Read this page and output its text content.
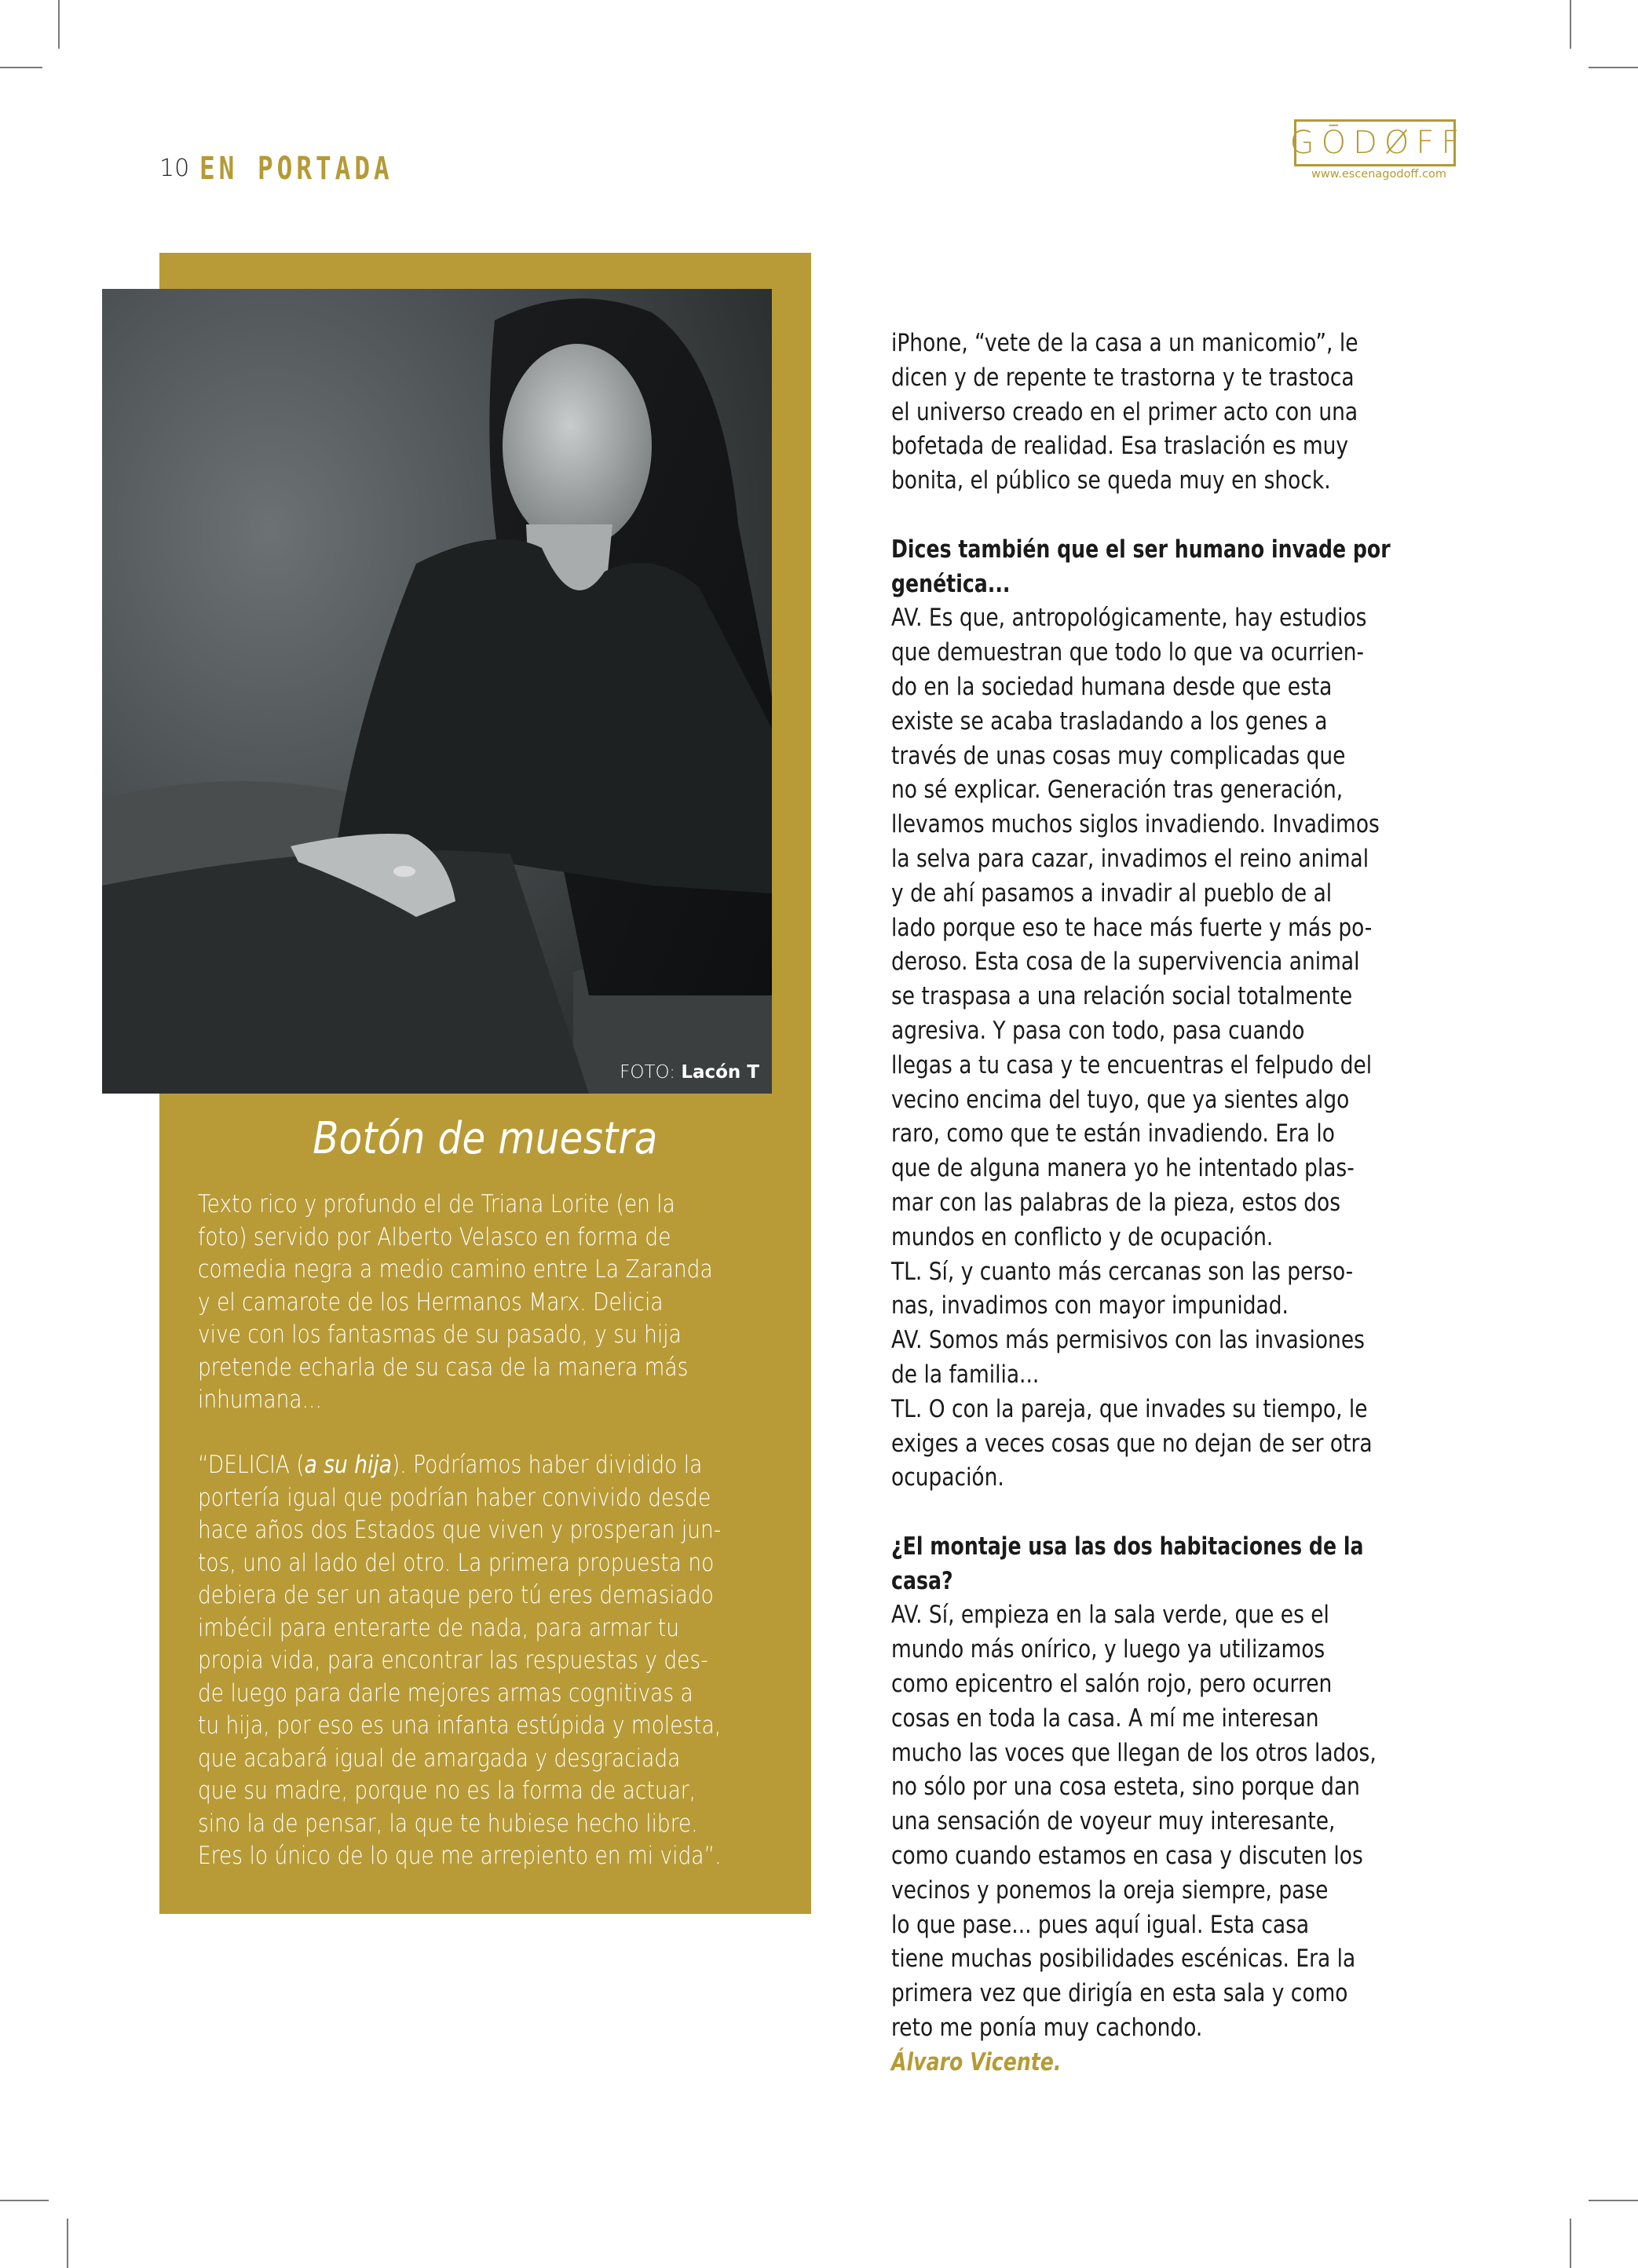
10 EN PORTADA
GŌDØFF
www.escenagodoff.com
FOTO: Lacón T
Botón de muestra
Texto rico y profundo el de Triana Lorite (en la
foto) servido por Alberto Velasco en forma de
comedia negra a medio camino entre La Zaranda
y el camarote de los Hermanos Marx. Delicia
vive con los fantasmas de su pasado, y su hija
pretende echarla de su casa de la manera más
inhumana...
“DELICIA (a su hija). Podríamos haber dividido la
portería igual que podrían haber convivido desde
hace años dos Estados que viven y prosperan jun-
tos, uno al lado del otro. La primera propuesta no
debiera de ser un ataque pero tú eres demasiado
imbécil para enterarte de nada, para armar tu
propia vida, para encontrar las respuestas y des-
de luego para darle mejores armas cognitivas a
tu hija, por eso es una infanta estúpida y molesta,
que acabará igual de amargada y desgraciada
que su madre, porque no es la forma de actuar,
sino la de pensar, la que te hubiese hecho libre.
Eres lo único de lo que me arrepiento en mi vida”.
iPhone, “vete de la casa a un manicomio”, le
dicen y de repente te trastorna y te trastoca
el universo creado en el primer acto con una
bofetada de realidad. Esa traslación es muy
bonita, el público se queda muy en shock.
Dices también que el ser humano invade por
genética...
AV. Es que, antropológicamente, hay estudios
que demuestran que todo lo que va ocurrien-
do en la sociedad humana desde que esta
existe se acaba trasladando a los genes a
través de unas cosas muy complicadas que
no sé explicar. Generación tras generación,
llevamos muchos siglos invadiendo. Invadimos
la selva para cazar, invadimos el reino animal
y de ahí pasamos a invadir al pueblo de al
lado porque eso te hace más fuerte y más po-
deroso. Esta cosa de la supervivencia animal
se traspasa a una relación social totalmente
agresiva. Y pasa con todo, pasa cuando
llegas a tu casa y te encuentras el felpudo del
vecino encima del tuyo, que ya sientes algo
raro, como que te están invadiendo. Era lo
que de alguna manera yo he intentado plas-
mar con las palabras de la pieza, estos dos
mundos en conflicto y de ocupación.
TL. Sí, y cuanto más cercanas son las perso-
nas, invadimos con mayor impunidad.
AV. Somos más permisivos con las invasiones
de la familia...
TL. O con la pareja, que invades su tiempo, le
exiges a veces cosas que no dejan de ser otra
ocupación.
¿El montaje usa las dos habitaciones de la
casa?
AV. Sí, empieza en la sala verde, que es el
mundo más onírico, y luego ya utilizamos
como epicentro el salón rojo, pero ocurren
cosas en toda la casa. A mí me interesan
mucho las voces que llegan de los otros lados,
no sólo por una cosa esteta, sino porque dan
una sensación de voyeur muy interesante,
como cuando estamos en casa y discuten los
vecinos y ponemos la oreja siempre, pase
lo que pase... pues aquí igual. Esta casa
tiene muchas posibilidades escénicas. Era la
primera vez que dirigía en esta sala y como
reto me ponía muy cachondo.
Álvaro Vicente.
